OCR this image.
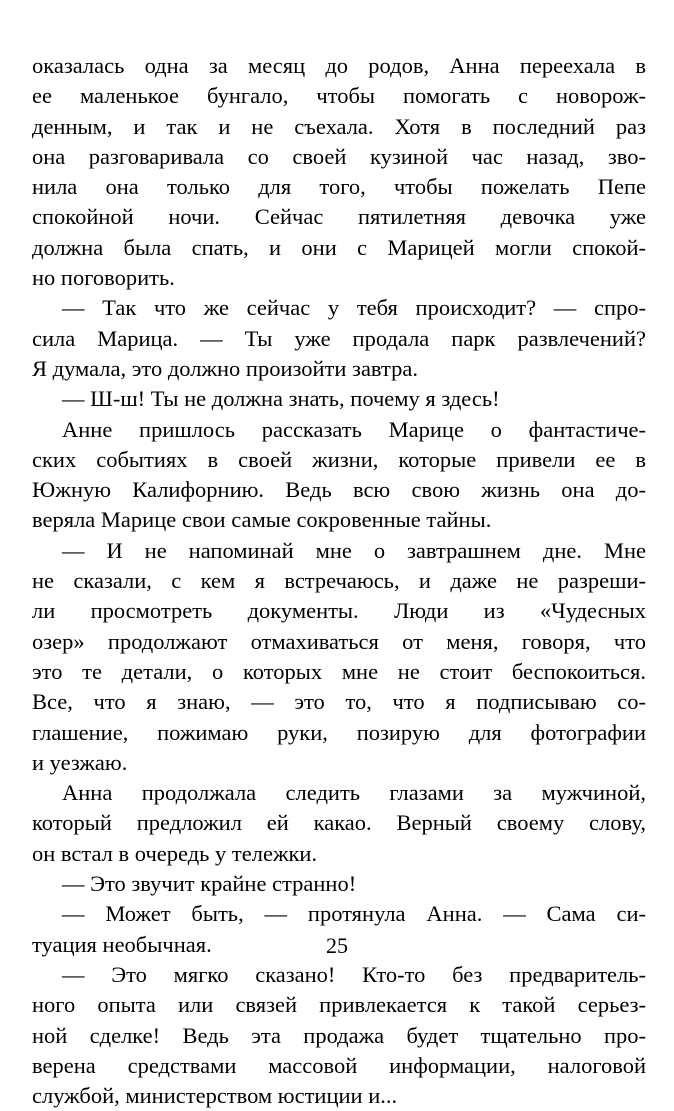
оказалась одна за месяц до родов, Анна переехала в
ее маленькое бунгало, чтобы помогать с новорож-
денным, и так и не съехала. Хотя в последний раз
она разговаривала со своей кузиной час назад, зво-
нила она только для того, чтобы пожелать Пепе
спокойной ночи. Сейчас пятилетняя девочка уже
должна была спать, и они с Марицей могли спокой-
но поговорить.
— Так что же сейчас у тебя происходит? — спро-
сила Марица. — Ты уже продала парк развлечений?
Я думала, это должно произойти завтра.
— Ш-ш! Ты не должна знать, почему я здесь!
Анне пришлось рассказать Марице о фантастиче-
ских событиях в своей жизни, которые привели ее в
Южную Калифорнию. Ведь всю свою жизнь она до-
веряла Марице свои самые сокровенные тайны.
— И не напоминай мне о завтрашнем дне. Мне
не сказали, с кем я встречаюсь, и даже не разреши-
ли просмотреть документы. Люди из «Чудесных
озер» продолжают отмахиваться от меня, говоря, что
это те детали, о которых мне не стоит беспокоиться.
Все, что я знаю, — это то, что я подписываю со-
глашение, пожимаю руки, позирую для фотографии
и уезжаю.
Анна продолжала следить глазами за мужчиной,
который предложил ей какао. Верный своему слову,
он встал в очередь у тележки.
— Это звучит крайне странно!
— Может быть, — протянула Анна. — Сама си-
туация необычная.
— Это мягко сказано! Кто-то без предваритель-
ного опыта или связей привлекается к такой серьез-
ной сделке! Ведь эта продажа будет тщательно про-
верена средствами массовой информации, налоговой
службой, министерством юстиции и...
25
